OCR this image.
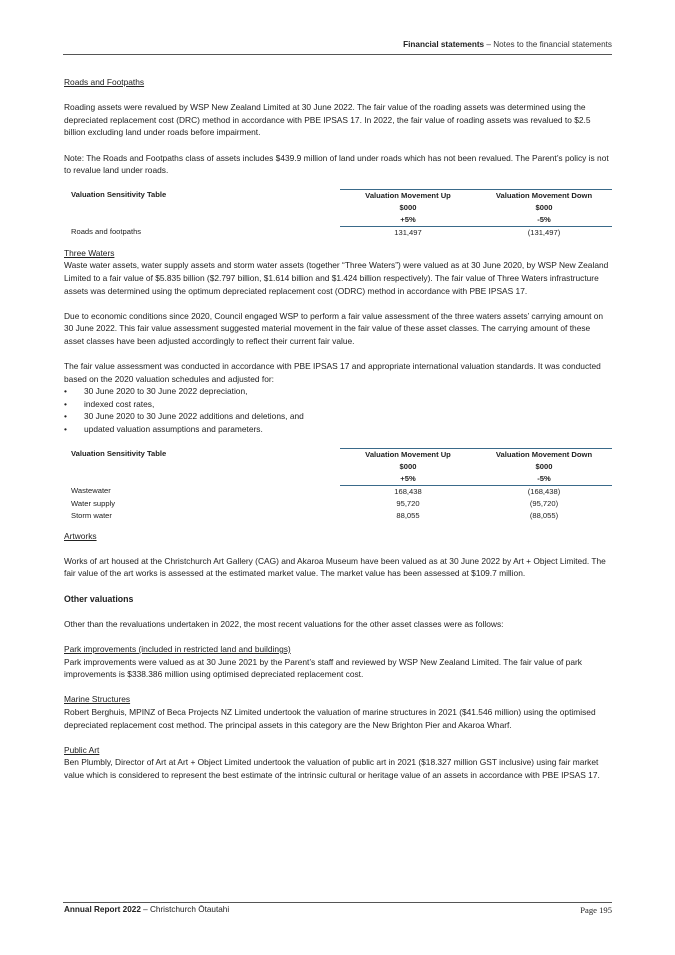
Financial statements – Notes to the financial statements

Roads and Footpaths

Roading assets were revalued by WSP New Zealand Limited at 30 June 2022. The fair value of the roading assets was determined using the depreciated replacement cost (DRC) method in accordance with PBE IPSAS 17. In 2022, the fair value of roading assets was revalued to $2.5 billion excluding land under roads before impairment.

Note: The Roads and Footpaths class of assets includes $439.9 million of land under roads which has not been revalued. The Parent’s policy is not to revalue land under roads.

Valuation Sensitivity Table	Valuation Movement Up	Valuation Movement Down
	$000	$000
	+5%	-5%
Roads and footpaths	131,497	(131,497)

Three Waters

Waste water assets, water supply assets and storm water assets (together “Three Waters”) were valued as at 30 June 2020, by WSP New Zealand Limited to a fair value of $5.835 billion ($2.797 billion, $1.614 billion and $1.424 billion respectively). The fair value of Three Waters infrastructure assets was determined using the optimum depreciated replacement cost (ODRC) method in accordance with PBE IPSAS 17.

Due to economic conditions since 2020, Council engaged WSP to perform a fair value assessment of the three waters assets’ carrying amount on 30 June 2022. This fair value assessment suggested material movement in the fair value of these asset classes. The carrying amount of these asset classes have been adjusted accordingly to reflect their current fair value.

The fair value assessment was conducted in accordance with PBE IPSAS 17 and appropriate international valuation standards. It was conducted based on the 2020 valuation schedules and adjusted for:

• 30 June 2020 to 30 June 2022 depreciation,
• indexed cost rates,
• 30 June 2020 to 30 June 2022 additions and deletions, and
• updated valuation assumptions and parameters.
Valuation Sensitivity Table	Valuation Movement Up	Valuation Movement Down
	$000	$000
	+5%	-5%
Wastewater	168,438	(168,438)
Water supply	95,720	(95,720)
Storm water	88,055	(88,055)

Artworks

Works of art housed at the Christchurch Art Gallery (CAG) and Akaroa Museum have been valued as at 30 June 2022 by Art + Object Limited. The fair value of the art works is assessed at the estimated market value. The market value has been assessed at $109.7 million.

Other valuations

Other than the revaluations undertaken in 2022, the most recent valuations for the other asset classes were as follows:

Park improvements (included in restricted land and buildings)

Park improvements were valued as at 30 June 2021 by the Parent’s staff and reviewed by WSP New Zealand Limited. The fair value of park improvements is $338.386 million using optimised depreciated replacement cost.

Marine Structures

Robert Berghuis, MPINZ of Beca Projects NZ Limited undertook the valuation of marine structures in 2021 ($41.546 million) using the optimised depreciated replacement cost method. The principal assets in this category are the New Brighton Pier and Akaroa Wharf.

Public Art

Ben Plumbly, Director of Art at Art + Object Limited undertook the valuation of public art in 2021 ($18.327 million GST inclusive) using fair market value which is considered to represent the best estimate of the intrinsic cultural or heritage value of an assets in accordance with PBE IPSAS 17.

Annual Report 2022 – Christchurch Ōtautahi	Page 195
